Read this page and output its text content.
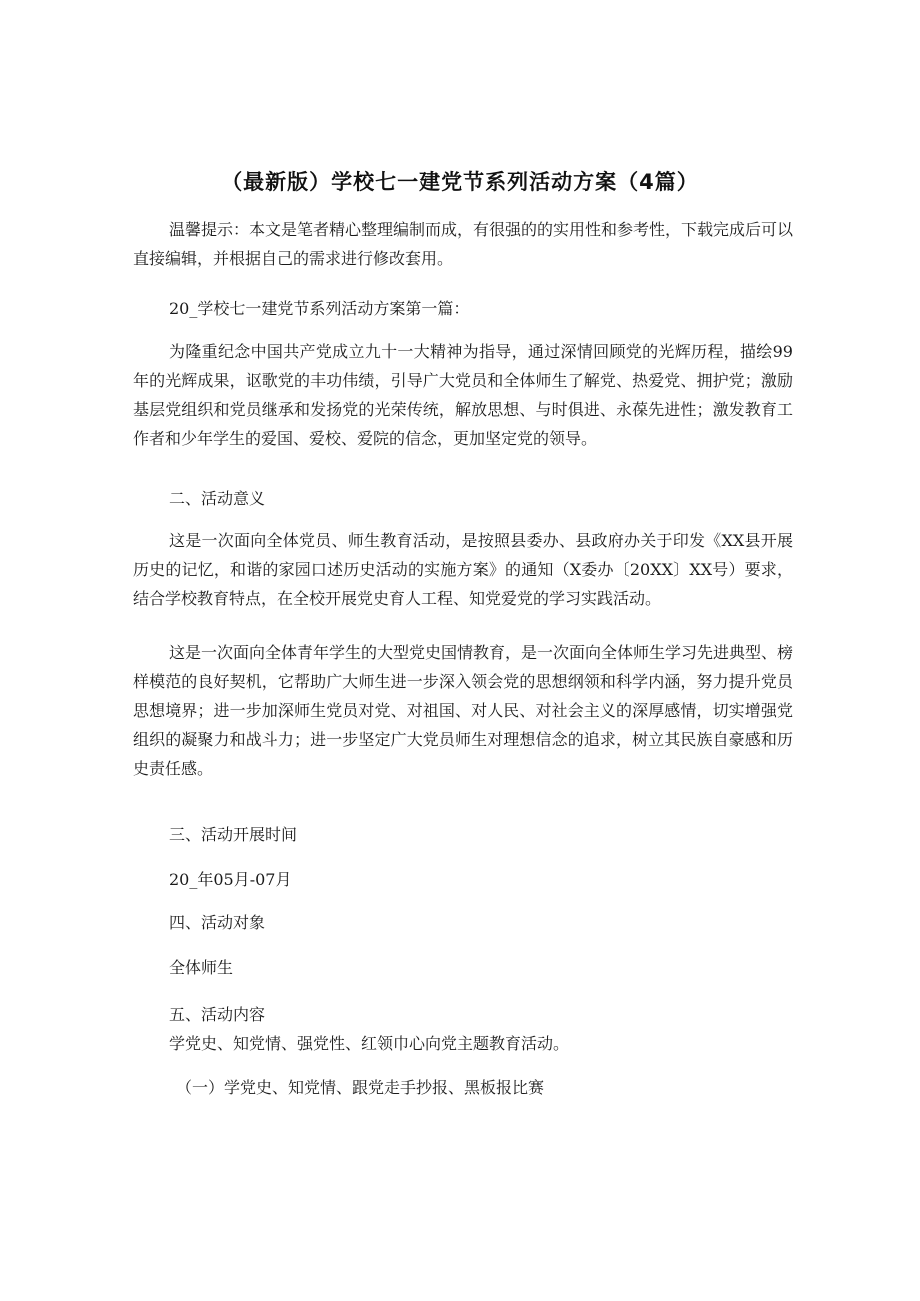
（最新版）学校七一建党节系列活动方案（4篇）

温馨提示：本文是笔者精心整理编制而成，有很强的的实用性和参考性，下载完成后可以直接编辑，并根据自己的需求进行修改套用。

20_学校七一建党节系列活动方案第一篇：

为隆重纪念中国共产党成立九十一大精神为指导，通过深情回顾党的光辉历程，描绘99年的光辉成果，讴歌党的丰功伟绩，引导广大党员和全体师生了解党、热爱党、拥护党；激励基层党组织和党员继承和发扬党的光荣传统，解放思想、与时俱进、永葆先进性；激发教育工作者和少年学生的爱国、爱校、爱院的信念，更加坚定党的领导。

二、活动意义

这是一次面向全体党员、师生教育活动，是按照县委办、县政府办关于印发《XX县开展历史的记忆，和谐的家园口述历史活动的实施方案》的通知（X委办〔20XX〕XX号）要求，结合学校教育特点，在全校开展党史育人工程、知党爱党的学习实践活动。

这是一次面向全体青年学生的大型党史国情教育，是一次面向全体师生学习先进典型、榜样模范的良好契机，它帮助广大师生进一步深入领会党的思想纲领和科学内涵，努力提升党员思想境界；进一步加深师生党员对党、对祖国、对人民、对社会主义的深厚感情，切实增强党组织的凝聚力和战斗力；进一步坚定广大党员师生对理想信念的追求，树立其民族自豪感和历史责任感。

三、活动开展时间

20_年05月-07月

四、活动对象

全体师生

五、活动内容

学党史、知党情、强党性、红领巾心向党主题教育活动。

（一）学党史、知党情、跟党走手抄报、黑板报比赛
